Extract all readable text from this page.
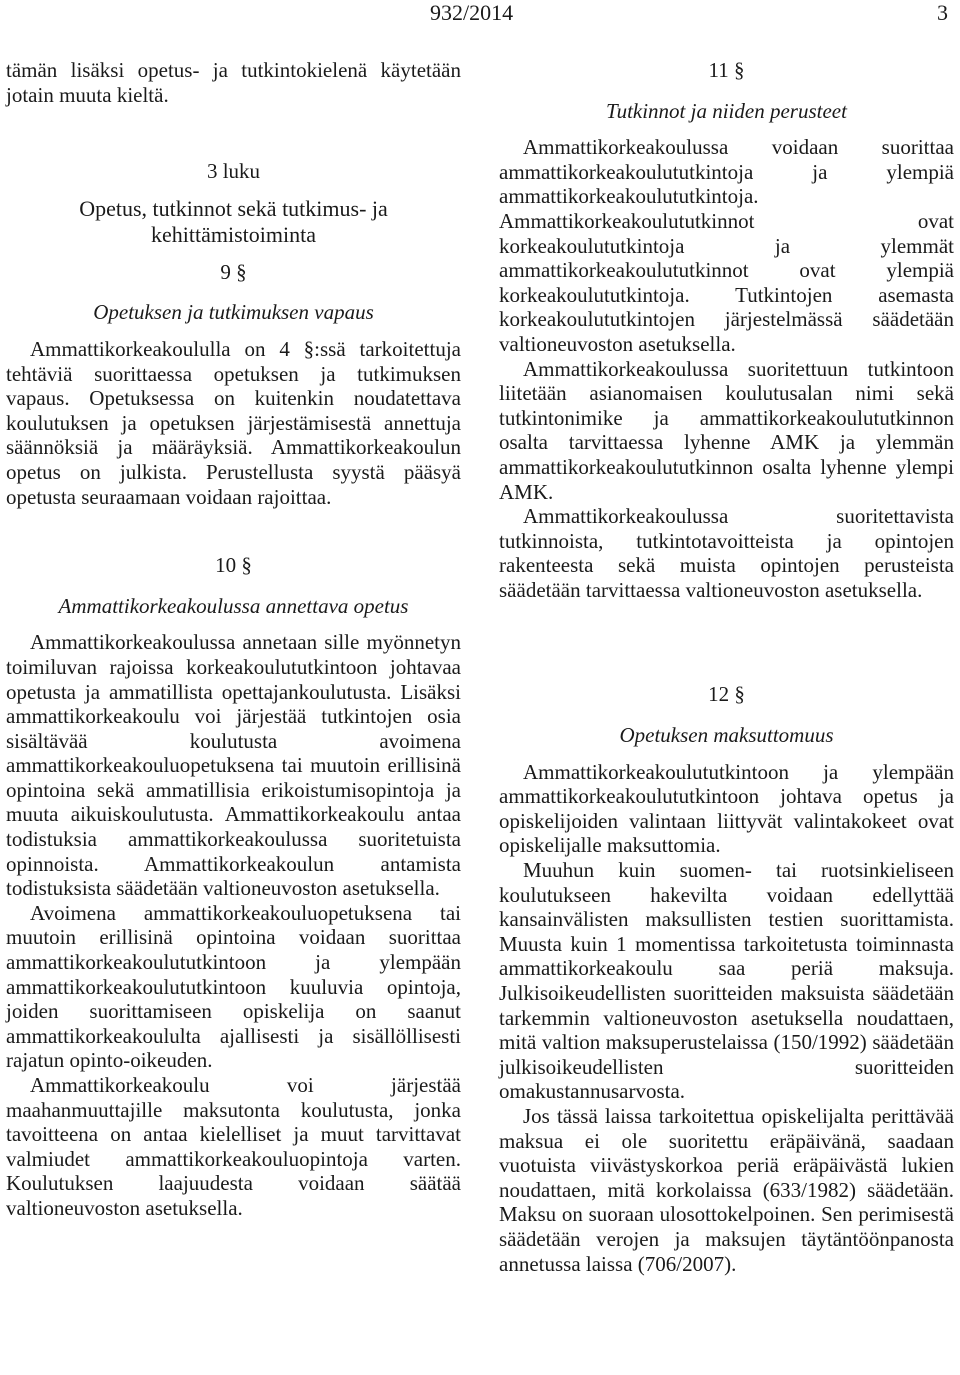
932/2014	3

tämän lisäksi opetus- ja tutkintokielenä käytetään jotain muuta kieltä.

3 luku
Opetus, tutkinnot sekä tutkimus- ja
kehittämistoiminta
9 §
Opetuksen ja tutkimuksen vapaus

Ammattikorkeakoululla on 4 §:ssä tarkoitettuja tehtäviä suorittaessa opetuksen ja tutkimuksen vapaus. Opetuksessa on kuitenkin noudatettava koulutuksen ja opetuksen järjestämisestä annettuja säännöksiä ja määräyksiä. Ammattikorkeakoulun opetus on julkista. Perustellusta syystä pääsyä opetusta seuraamaan voidaan rajoittaa.

10 §
Ammattikorkeakoulussa annettava opetus

Ammattikorkeakoulussa annetaan sille myönnetyn toimiluvan rajoissa korkeakoulututkintoon johtavaa opetusta ja ammatillista opettajankoulutusta. Lisäksi ammattikorkeakoulu voi järjestää tutkintojen osia sisältävää koulutusta avoimena ammattikorkeakouluopetuksena tai muutoin erillisinä opintoina sekä ammatillisia erikoistumisopintoja ja muuta aikuiskoulutusta. Ammattikorkeakoulu antaa todistuksia ammattikorkeakoulussa suoritetuista opinnoista. Ammattikorkeakoulun antamista todistuksista säädetään valtioneuvoston asetuksella.

Avoimena ammattikorkeakouluopetuksena tai muutoin erillisinä opintoina voidaan suorittaa ammattikorkeakoulututkintoon ja ylempään ammattikorkeakoulututkintoon kuuluvia opintoja, joiden suorittamiseen opiskelija on saanut ammattikorkeakoululta ajallisesti ja sisällöllisesti rajatun opinto-oikeuden.

Ammattikorkeakoulu voi järjestää maahanmuuttajille maksutonta koulutusta, jonka tavoitteena on antaa kielelliset ja muut tarvittavat valmiudet ammattikorkeakouluopintoja varten. Koulutuksen laajuudesta voidaan säätää valtioneuvoston asetuksella.

11 §
Tutkinnot ja niiden perusteet

Ammattikorkeakoulussa voidaan suorittaa ammattikorkeakoulututkintoja ja ylempiä ammattikorkeakoulututkintoja. Ammattikorkeakoulututkinnot ovat korkeakoulututkintoja ja ylemmät ammattikorkeakoulututkinnot ovat ylempiä korkeakoulututkintoja. Tutkintojen asemasta korkeakoulututkintojen järjestelmässä säädetään valtioneuvoston asetuksella.

Ammattikorkeakoulussa suoritettuun tutkintoon liitetään asianomaisen koulutusalan nimi sekä tutkintonimike ja ammattikorkeakoulututkinnon osalta tarvittaessa lyhenne AMK ja ylemmän ammattikorkeakoulututkinnon osalta lyhenne ylempi AMK.

Ammattikorkeakoulussa suoritettavista tutkinnoista, tutkintotavoitteista ja opintojen rakenteesta sekä muista opintojen perusteista säädetään tarvittaessa valtioneuvoston asetuksella.

12 §
Opetuksen maksuttomuus

Ammattikorkeakoulututkintoon ja ylempään ammattikorkeakoulututkintoon johtava opetus ja opiskelijoiden valintaan liittyvät valintakokeet ovat opiskelijalle maksuttomia.

Muuhun kuin suomen- tai ruotsinkieliseen koulutukseen hakevilta voidaan edellyttää kansainvälisten maksullisten testien suorittamista. Muusta kuin 1 momentissa tarkoitetusta toiminnasta ammattikorkeakoulu saa periä maksuja. Julkisoikeudellisten suoritteiden maksuista säädetään tarkemmin valtioneuvoston asetuksella noudattaen, mitä valtion maksuperustelaissa (150/1992) säädetään julkisoikeudellisten suoritteiden omakustannusarvosta.

Jos tässä laissa tarkoitettua opiskelijalta perittävää maksua ei ole suoritettu eräpäivänä, saadaan vuotuista viivästyskorkoa periä eräpäivästä lukien noudattaen, mitä korkolaissa (633/1982) säädetään. Maksu on suoraan ulosottokelpoinen. Sen perimisestä säädetään verojen ja maksujen täytäntöönpanosta annetussa laissa (706/2007).
